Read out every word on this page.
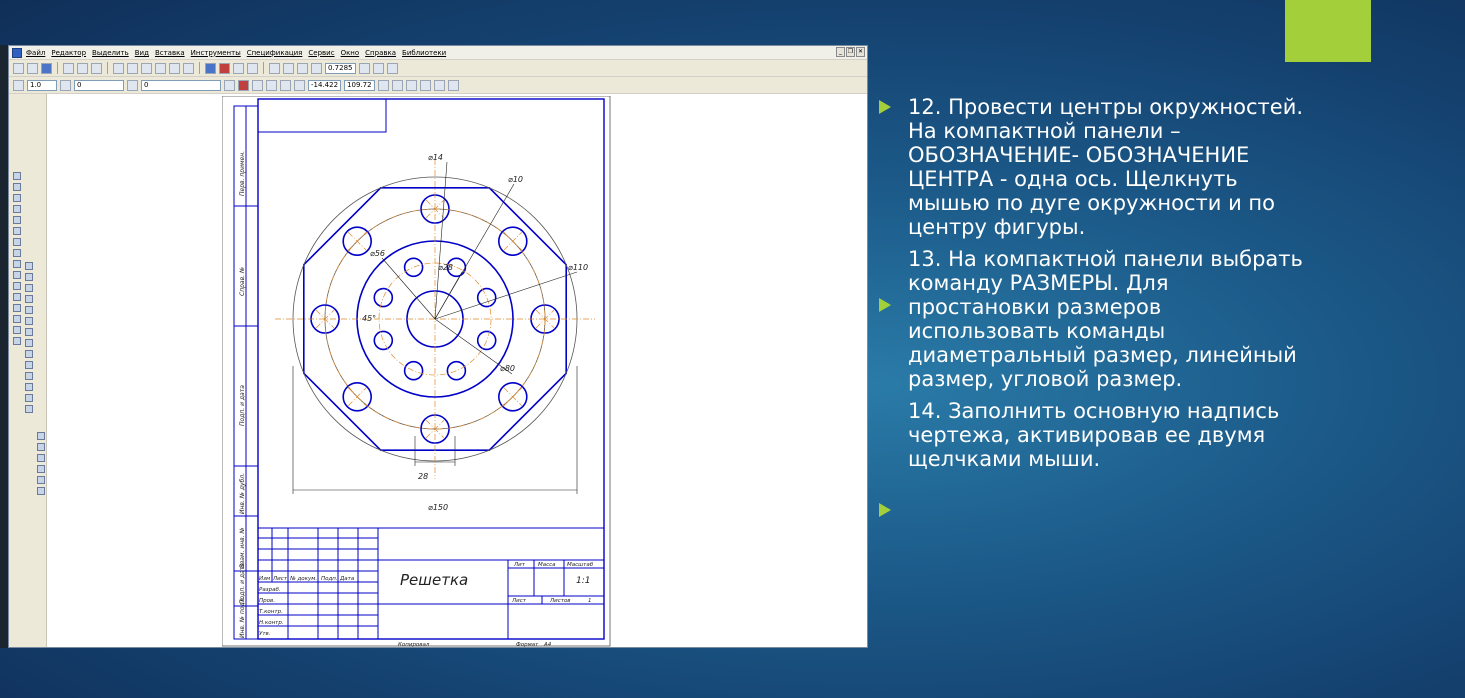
Файл Редактор Выделить Вид Вставка Инструменты Спецификация Сервис Окно Справка Библиотеки	_ ❐ ✕
0.7285
1.0	0	0	-14.422	109.72
⌀14
⌀10
⌀56
⌀28	⌀110
⌀80
45°
28
⌀150
Перв. примен.
Справ. №
Подп. и дата
Инв. № дубл.
Взам. инв. №
Подп. и дата
Инв. № подл.
Изм Лист № докум. Подп. Дата
Разраб.
Пров.
Т.контр.
Н.контр.
Утв.
Лит Масса Масштаб
Лист	Листов	1
Копировал	Формат А4
1:1
Решетка

12. Провести центры окружностей.
На компактной панели –
ОБОЗНАЧЕНИЕ- ОБОЗНАЧЕНИЕ
ЦЕНТРА - одна ось. Щелкнуть
мышью по дуге окружности и по
центру фигуры.

13. На компактной панели выбрать
команду РАЗМЕРЫ. Для
простановки размеров
использовать команды
диаметральный размер, линейный
размер, угловой размер.

14. Заполнить основную надпись
чертежа, активировав ее двумя
щелчками мыши.
